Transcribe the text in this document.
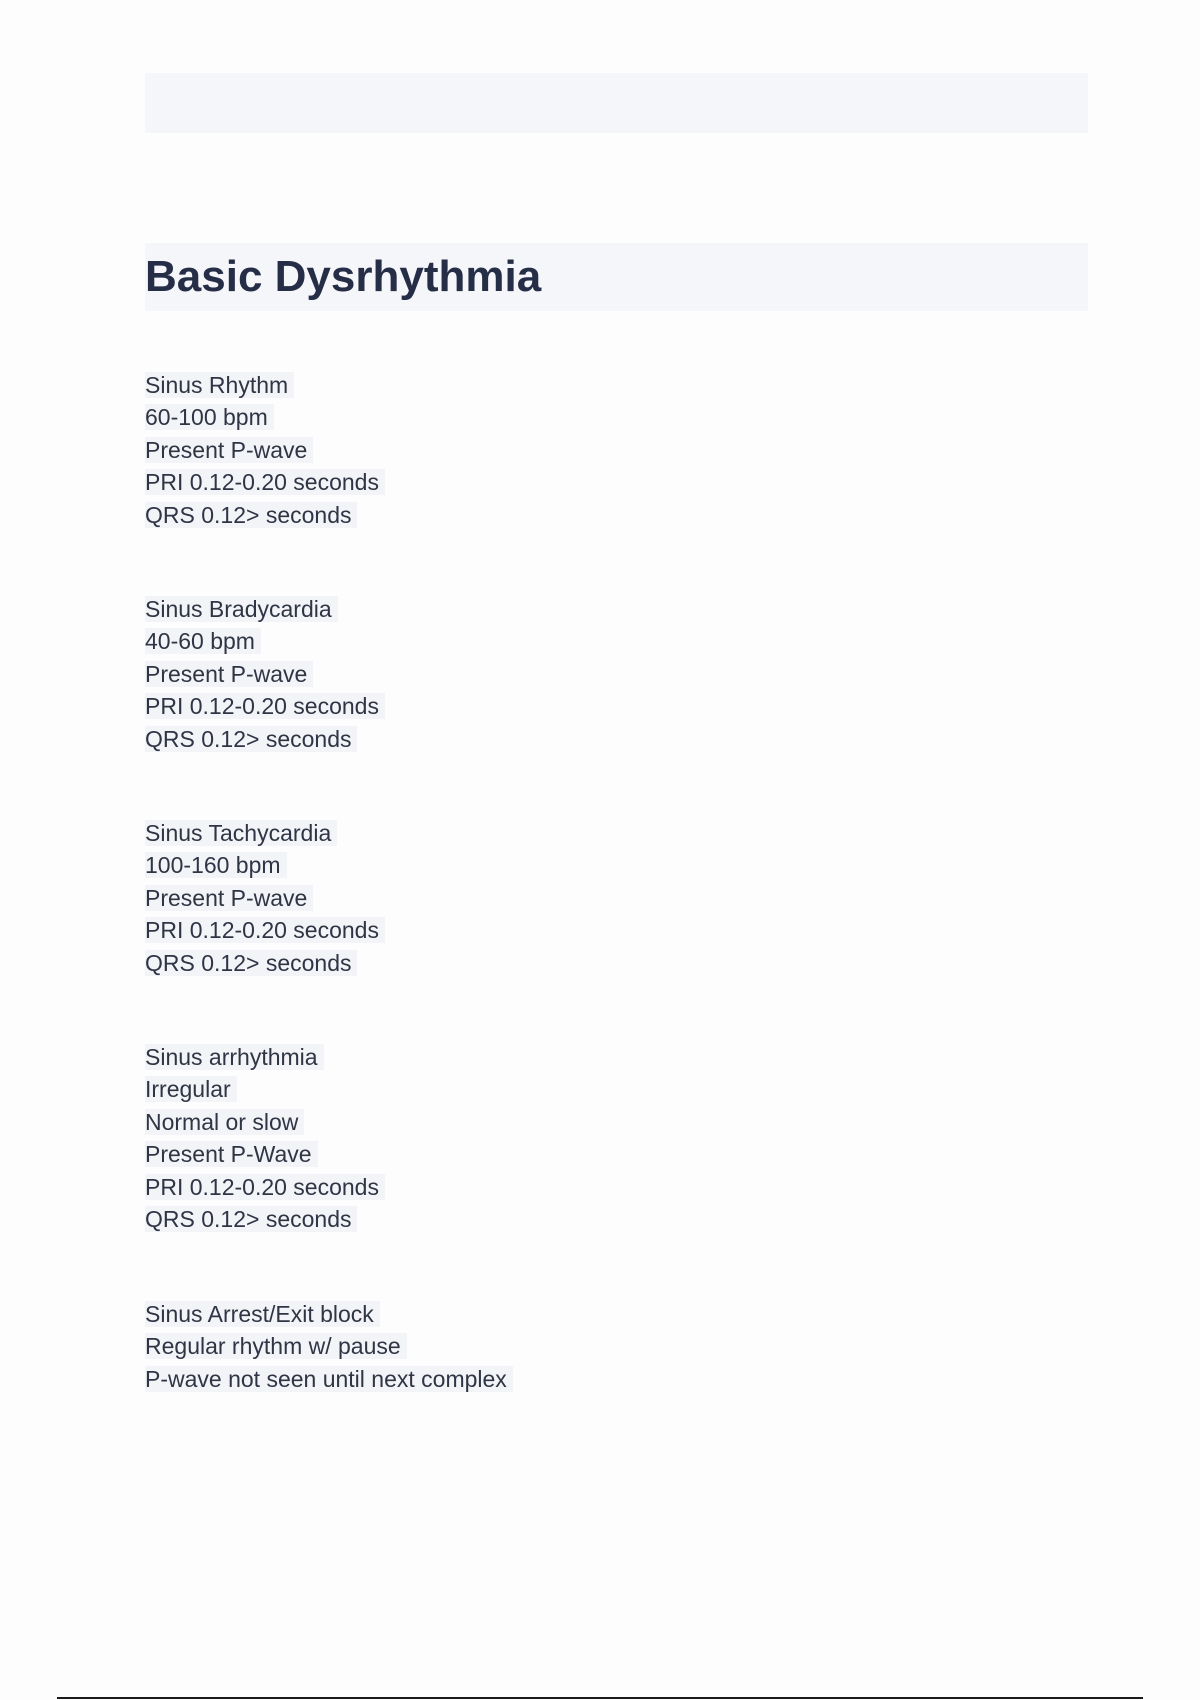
Basic Dysrhythmia
Sinus Rhythm
60-100 bpm
Present P-wave
PRI 0.12-0.20 seconds
QRS 0.12> seconds
Sinus Bradycardia
40-60 bpm
Present P-wave
PRI 0.12-0.20 seconds
QRS 0.12> seconds
Sinus Tachycardia
100-160 bpm
Present P-wave
PRI 0.12-0.20 seconds
QRS 0.12> seconds
Sinus arrhythmia
Irregular
Normal or slow
Present P-Wave
PRI 0.12-0.20 seconds
QRS 0.12> seconds
Sinus Arrest/Exit block
Regular rhythm w/ pause
P-wave not seen until next complex
